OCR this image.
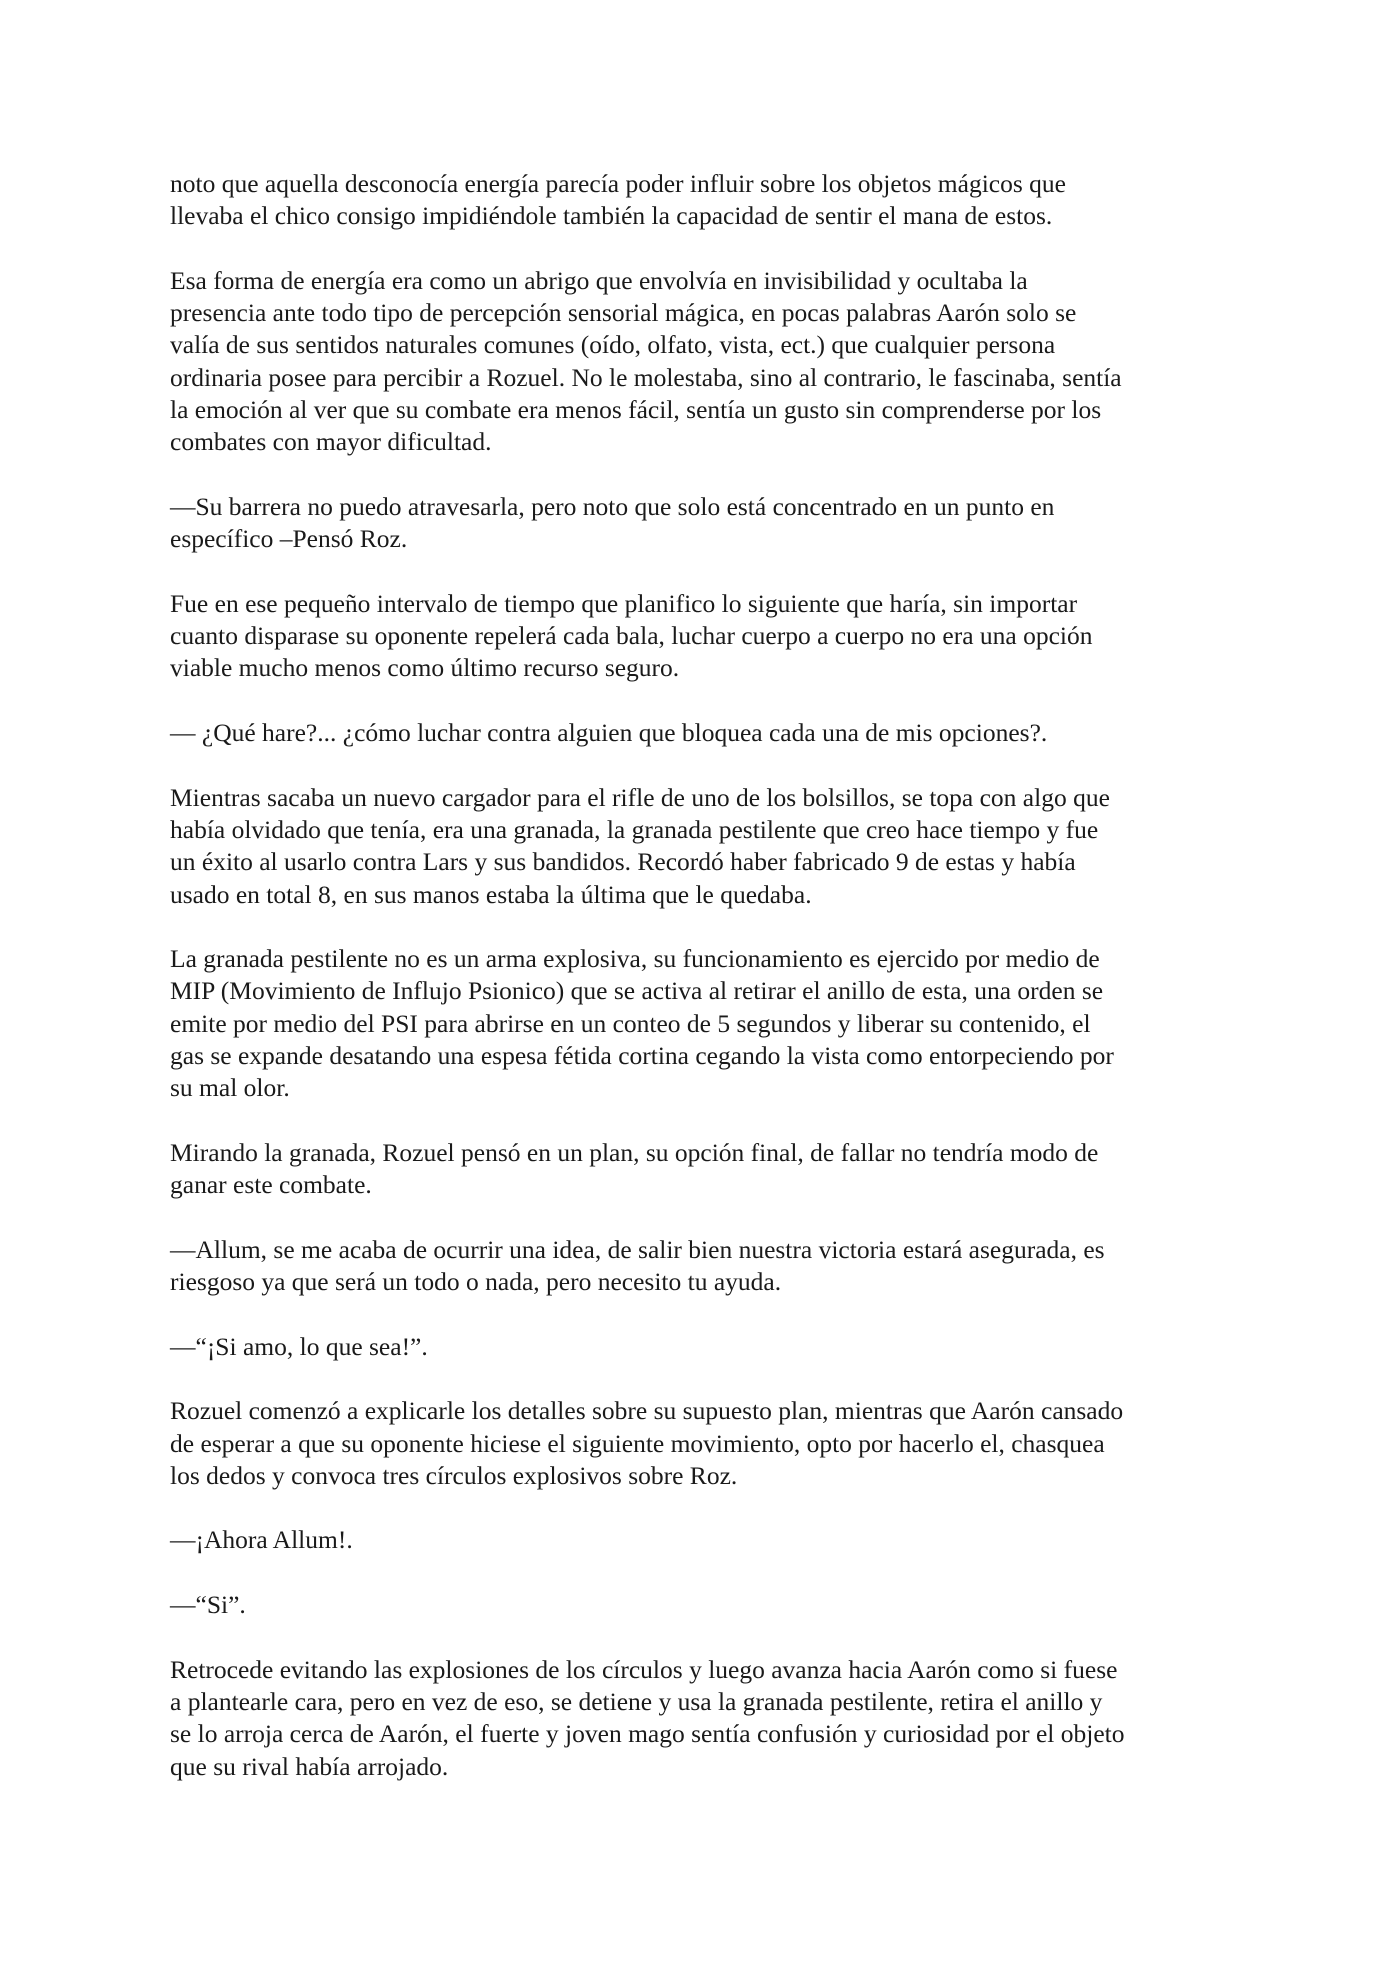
noto que aquella desconocía energía parecía poder influir sobre los objetos mágicos que
llevaba el chico consigo impidiéndole también la capacidad de sentir el mana de estos.

Esa forma de energía era como un abrigo que envolvía en invisibilidad y ocultaba la
presencia ante todo tipo de percepción sensorial mágica, en pocas palabras Aarón solo se
valía de sus sentidos naturales comunes (oído, olfato, vista, ect.) que cualquier persona
ordinaria posee para percibir a Rozuel. No le molestaba, sino al contrario, le fascinaba, sentía
la emoción al ver que su combate era menos fácil, sentía un gusto sin comprenderse por los
combates con mayor dificultad.

—Su barrera no puedo atravesarla, pero noto que solo está concentrado en un punto en
específico –Pensó Roz.

Fue en ese pequeño intervalo de tiempo que planifico lo siguiente que haría, sin importar
cuanto disparase su oponente repelerá cada bala, luchar cuerpo a cuerpo no era una opción
viable mucho menos como último recurso seguro.

— ¿Qué hare?... ¿cómo luchar contra alguien que bloquea cada una de mis opciones?.

Mientras sacaba un nuevo cargador para el rifle de uno de los bolsillos, se topa con algo que
había olvidado que tenía, era una granada, la granada pestilente que creo hace tiempo y fue
un éxito al usarlo contra Lars y sus bandidos. Recordó haber fabricado 9 de estas y había
usado en total 8, en sus manos estaba la última que le quedaba.

La granada pestilente no es un arma explosiva, su funcionamiento es ejercido por medio de
MIP (Movimiento de Influjo Psionico) que se activa al retirar el anillo de esta, una orden se
emite por medio del PSI para abrirse en un conteo de 5 segundos y liberar su contenido, el
gas se expande desatando una espesa fétida cortina cegando la vista como entorpeciendo por
su mal olor.

Mirando la granada, Rozuel pensó en un plan, su opción final, de fallar no tendría modo de
ganar este combate.

—Allum, se me acaba de ocurrir una idea, de salir bien nuestra victoria estará asegurada, es
riesgoso ya que será un todo o nada, pero necesito tu ayuda.

—“¡Si amo, lo que sea!”.

Rozuel comenzó a explicarle los detalles sobre su supuesto plan, mientras que Aarón cansado
de esperar a que su oponente hiciese el siguiente movimiento, opto por hacerlo el, chasquea
los dedos y convoca tres círculos explosivos sobre Roz.

—¡Ahora Allum!.

—“Si”.

Retrocede evitando las explosiones de los círculos y luego avanza hacia Aarón como si fuese
a plantearle cara, pero en vez de eso, se detiene y usa la granada pestilente, retira el anillo y
se lo arroja cerca de Aarón, el fuerte y joven mago sentía confusión y curiosidad por el objeto
que su rival había arrojado.
